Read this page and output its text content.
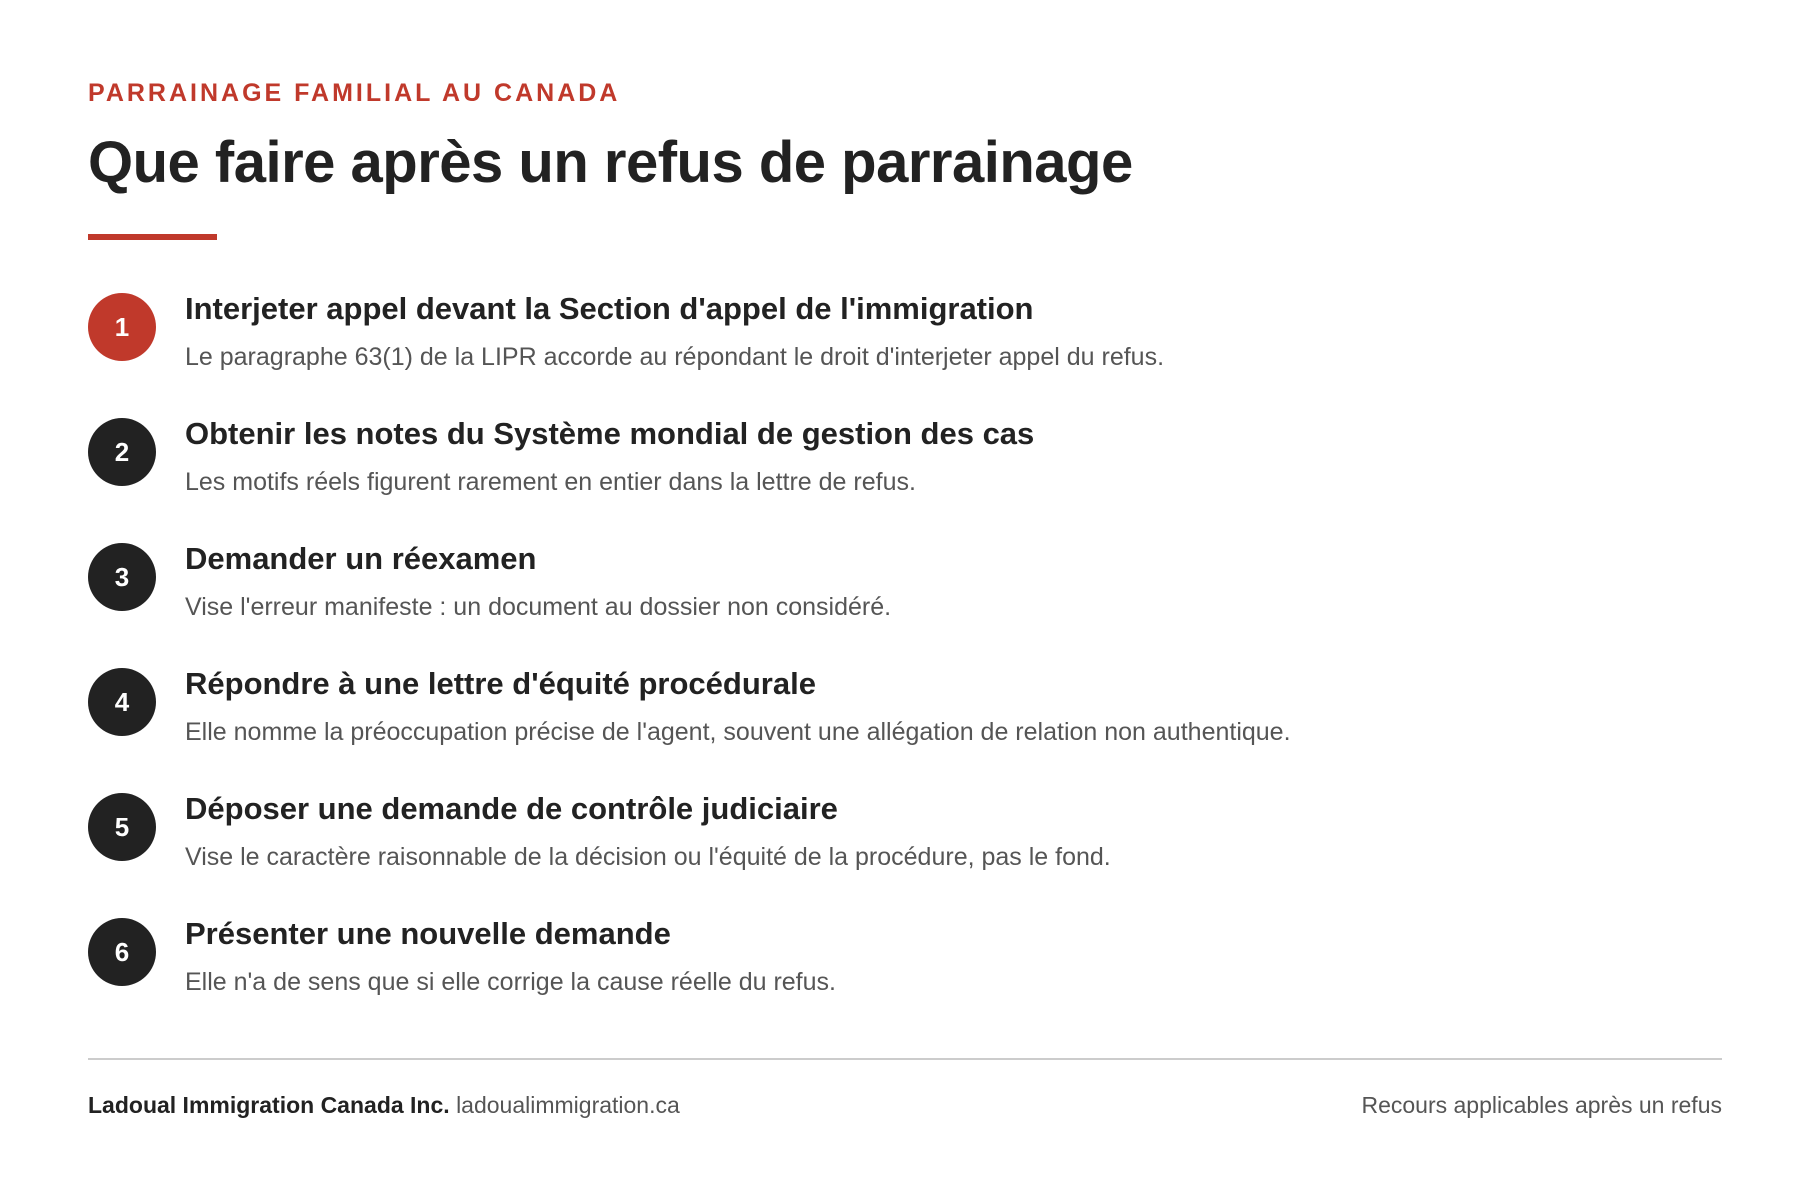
PARRAINAGE FAMILIAL AU CANADA
Que faire après un refus de parrainage
1
Interjeter appel devant la Section d'appel de l'immigration
Le paragraphe 63(1) de la LIPR accorde au répondant le droit d'interjeter appel du refus.
2
Obtenir les notes du Système mondial de gestion des cas
Les motifs réels figurent rarement en entier dans la lettre de refus.
3
Demander un réexamen
Vise l'erreur manifeste : un document au dossier non considéré.
4
Répondre à une lettre d'équité procédurale
Elle nomme la préoccupation précise de l'agent, souvent une allégation de relation non authentique.
5
Déposer une demande de contrôle judiciaire
Vise le caractère raisonnable de la décision ou l'équité de la procédure, pas le fond.
6
Présenter une nouvelle demande
Elle n'a de sens que si elle corrige la cause réelle du refus.
Ladoual Immigration Canada Inc. ladoualimmigration.ca	Recours applicables après un refus
